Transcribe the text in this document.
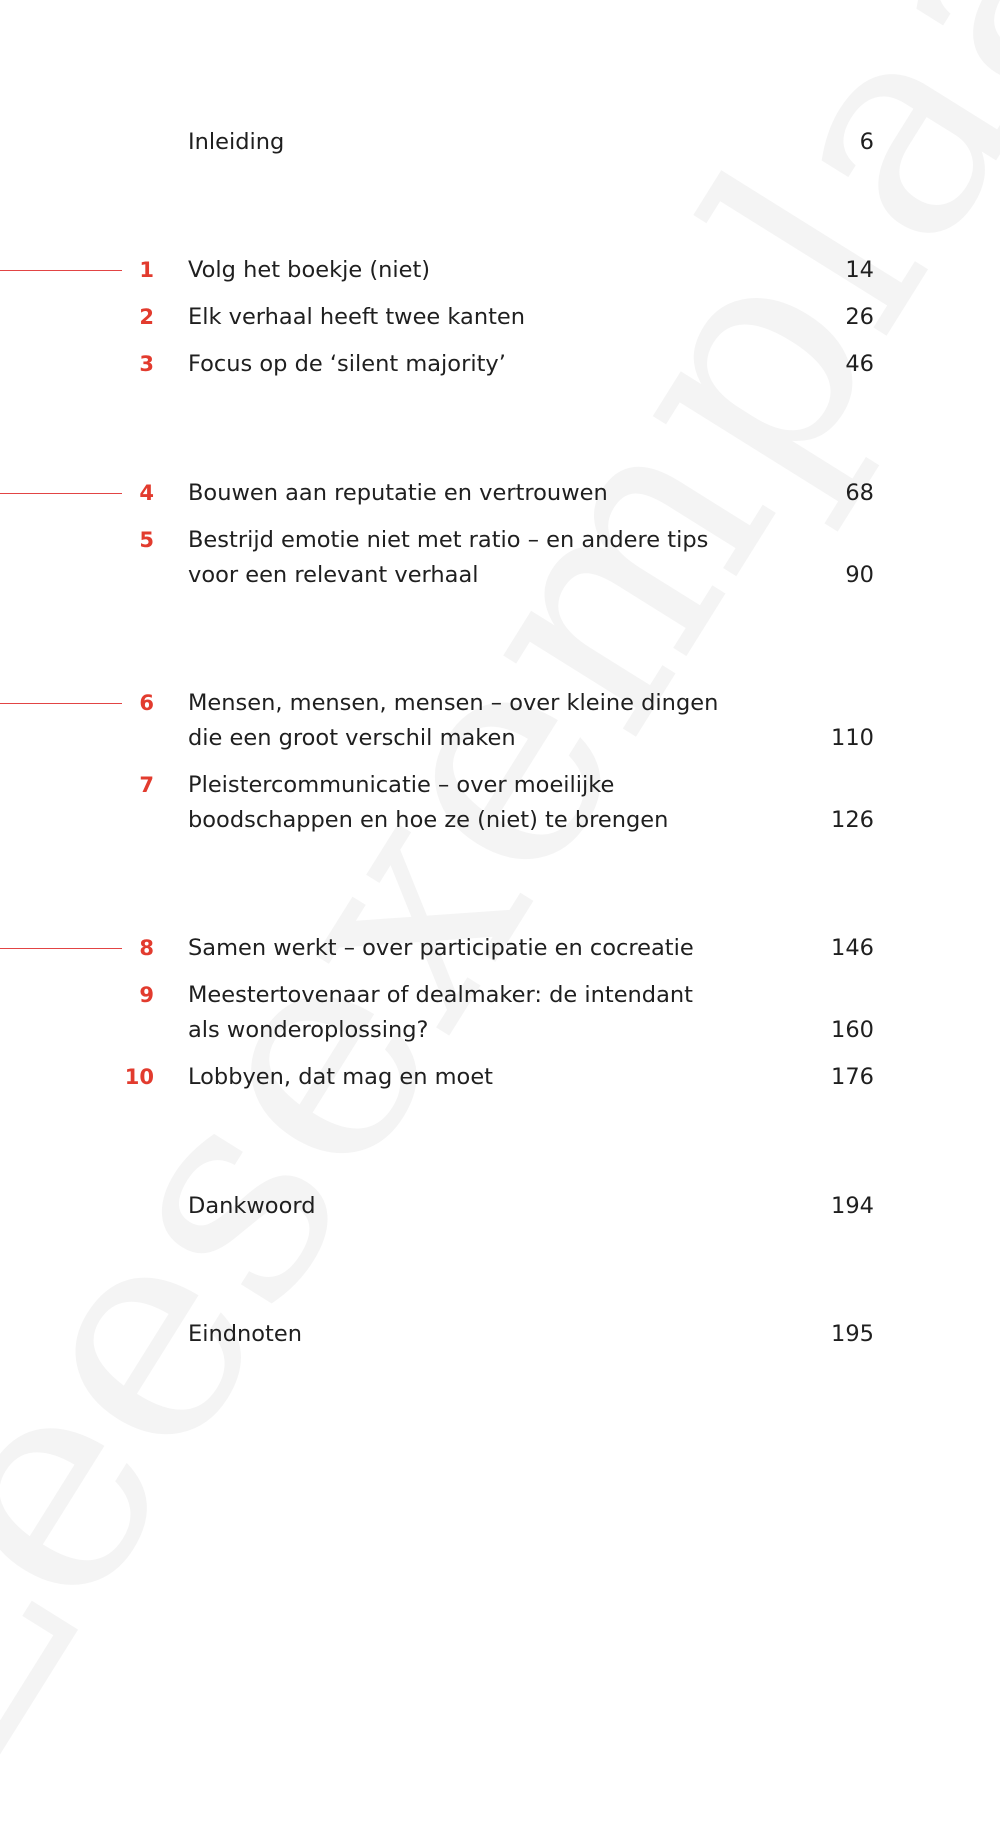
Inleiding	6
1 Volg het boekje (niet)	14
2 Elk verhaal heeft twee kanten	26
3 Focus op de ‘silent majority’	46
4 Bouwen aan reputatie en vertrouwen	68
5 Bestrijd emotie niet met ratio – en andere tips
voor een relevant verhaal	90
6 Mensen, mensen, mensen – over kleine dingen
die een groot verschil maken	110
7 Pleistercommunicatie – over moeilijke
boodschappen en hoe ze (niet) te brengen	126
8 Samen werkt – over participatie en cocreatie	146
9 Meestertovenaar of dealmaker: de intendant
als wonderoplossing?	160
10 Lobbyen, dat mag en moet	176
Dankwoord	194
Eindnoten	195
